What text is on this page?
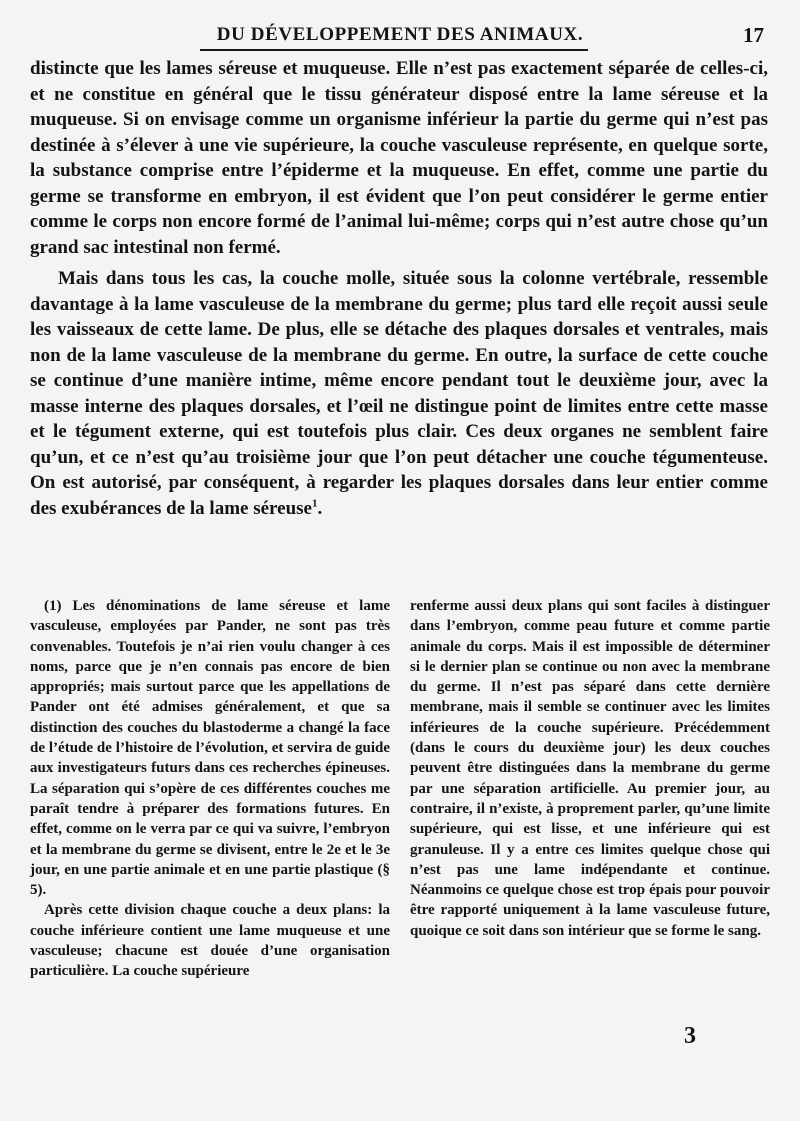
DU DÉVELOPPEMENT DES ANIMAUX.	17

distincte que les lames séreuse et muqueuse. Elle n’est pas exactement séparée de celles-ci, et ne constitue en général que le tissu générateur disposé entre la lame séreuse et la muqueuse. Si on envisage comme un organisme inférieur la partie du germe qui n’est pas destinée à s’élever à une vie supérieure, la couche vasculeuse représente, en quelque sorte, la substance comprise entre l’épiderme et la muqueuse. En effet, comme une partie du germe se transforme en embryon, il est évident que l’on peut considérer le germe entier comme le corps non encore formé de l’animal lui-même; corps qui n’est autre chose qu’un grand sac intestinal non fermé.

Mais dans tous les cas, la couche molle, située sous la colonne vertébrale, ressemble davantage à la lame vasculeuse de la membrane du germe; plus tard elle reçoit aussi seule les vaisseaux de cette lame. De plus, elle se détache des plaques dorsales et ventrales, mais non de la lame vasculeuse de la membrane du germe. En outre, la surface de cette couche se continue d’une manière intime, même encore pendant tout le deuxième jour, avec la masse interne des plaques dorsales, et l’œil ne distingue point de limites entre cette masse et le tégument externe, qui est toutefois plus clair. Ces deux organes ne semblent faire qu’un, et ce n’est qu’au troisième jour que l’on peut détacher une couche tégumenteuse. On est autorisé, par conséquent, à regarder les plaques dorsales dans leur entier comme des exubérances de la lame séreuse$^1$.

(1) Les dénominations de lame séreuse et lame vasculeuse, employées par Pander, ne sont pas très convenables. Toutefois je n’ai rien voulu changer à ces noms, parce que je n’en connais pas encore de bien appropriés; mais surtout parce que les appellations de Pander ont été admises généralement, et que sa distinction des couches du blastoderme a changé la face de l’étude de l’histoire de l’évolution, et servira de guide aux investigateurs futurs dans ces recherches épineuses. La séparation qui s’opère de ces différentes couches me paraît tendre à préparer des formations futures. En effet, comme on le verra par ce qui va suivre, l’embryon et la membrane du germe se divisent, entre le 2e et le 3e jour, en une partie animale et en une partie plastique (§ 5).

Après cette division chaque couche a deux plans: la couche inférieure contient une lame muqueuse et une vasculeuse; chacune est douée d’une organisation particulière. La couche supérieure

renferme aussi deux plans qui sont faciles à distinguer dans l’embryon, comme peau future et comme partie animale du corps. Mais il est impossible de déterminer si le dernier plan se continue ou non avec la membrane du germe. Il n’est pas séparé dans cette dernière membrane, mais il semble se continuer avec les limites inférieures de la couche supérieure. Précédemment (dans le cours du deuxième jour) les deux couches peuvent être distinguées dans la membrane du germe par une séparation artificielle. Au premier jour, au contraire, il n’existe, à proprement parler, qu’une limite supérieure, qui est lisse, et une inférieure qui est granuleuse. Il y a entre ces limites quelque chose qui n’est pas une lame indépendante et continue. Néanmoins ce quelque chose est trop épais pour pouvoir être rapporté uniquement à la lame vasculeuse future, quoique ce soit dans son intérieur que se forme le sang.

3
